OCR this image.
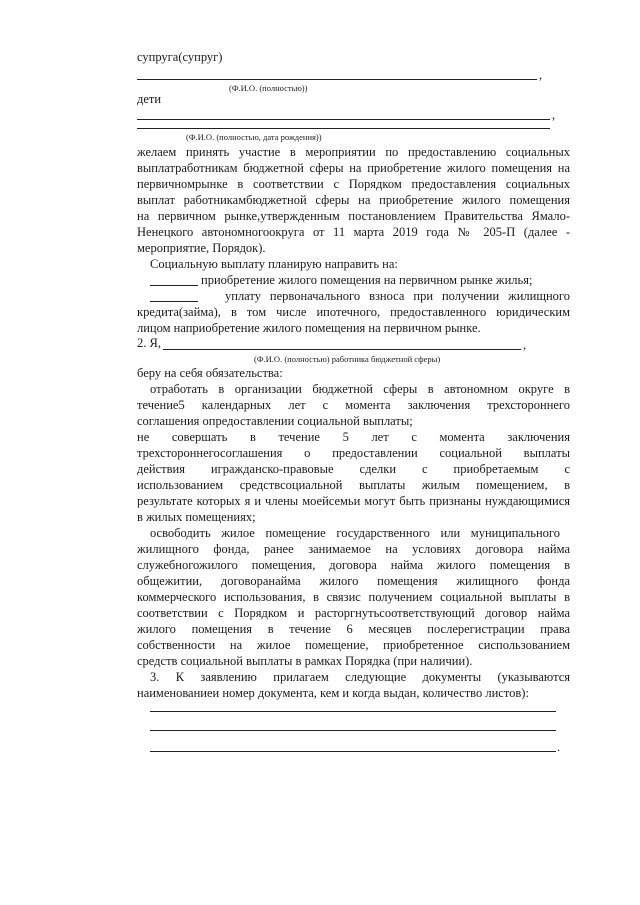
супруга(супруг)
,
(Ф.И.О. (полностью))
дети
,
(Ф.И.О. (полностью, дата рождения))
желаем принять участие в мероприятии по предоставлению социальных
выплатработникам бюджетной сферы на приобретение жилого помещения на
первичномрынке в соответствии с Порядком предоставления социальных
выплат работникамбюджетной сферы на приобретение жилого помещения
на первичном рынке,утвержденным постановлением Правительства Ямало-
Ненецкого автономногоокруга от 11 марта 2019 года № 205-П (далее -
мероприятие, Порядок).
Социальную выплату планирую направить на:
приобретение жилого помещения на первичном рынке жилья;
уплату первоначального взноса при получении жилищного
кредита(займа), в том числе ипотечного, предоставленного юридическим
лицом наприобретение жилого помещения на первичном рынке.
2. Я,	,
(Ф.И.О. (полностью) работника бюджетной сферы)
беру на себя обязательства:
отработать в организации бюджетной сферы в автономном округе в
течение5 календарных лет с момента заключения трехстороннего
соглашения опредоставлении социальной выплаты;
не совершать в течение 5 лет с момента заключения
трехстороннегосоглашения о предоставлении социальной выплаты
действия игражданско-правовые сделки с приобретаемым с
использованием средствсоциальной выплаты жилым помещением, в
результате которых я и члены моейсемьи могут быть признаны нуждающимися
в жилых помещениях;
освободить жилое помещение государственного или муниципального
жилищного фонда, ранее занимаемое на условиях договора найма
служебногожилого помещения, договора найма жилого помещения в
общежитии, договоранайма жилого помещения жилищного фонда
коммерческого использования, в связис получением социальной выплаты в
соответствии с Порядком и расторгнутьсоответствующий договор найма
жилого помещения в течение 6 месяцев послерегистрации права
собственности на жилое помещение, приобретенное сиспользованием
средств социальной выплаты в рамках Порядка (при наличии).
3. К заявлению прилагаем следующие документы (указываются
наименованиеи номер документа, кем и когда выдан, количество листов):
.
